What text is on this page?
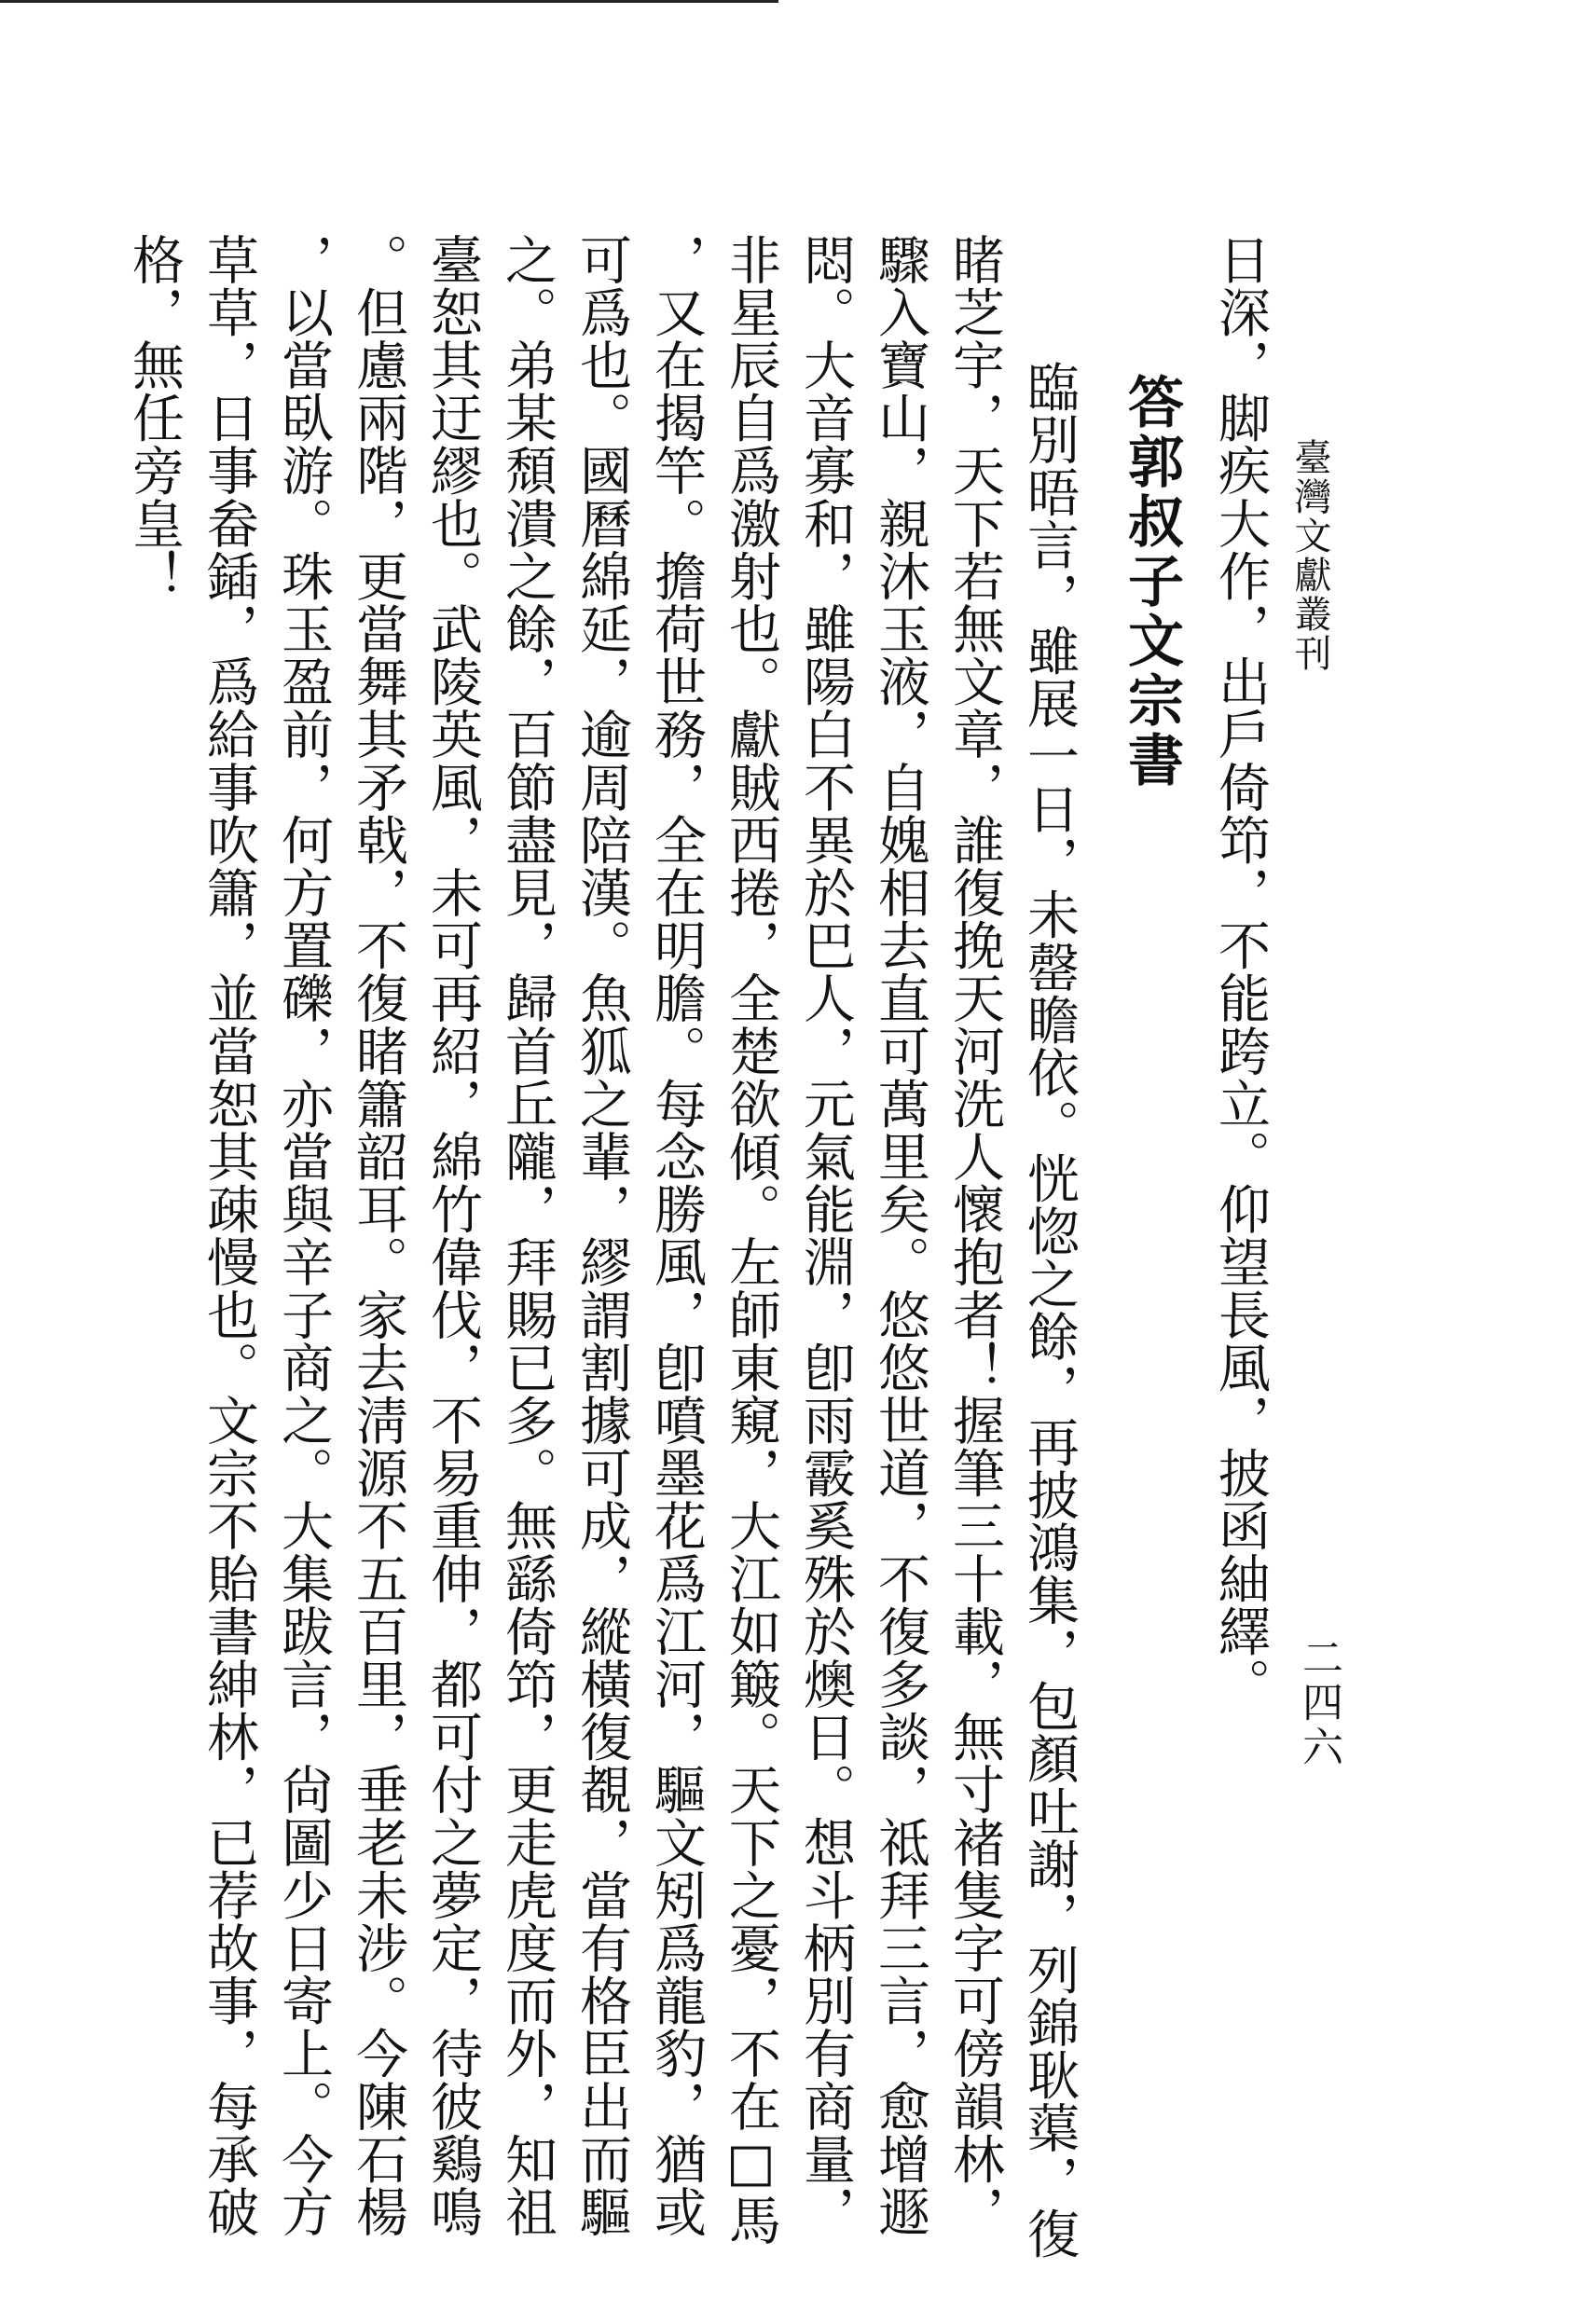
臺灣文獻叢刊
二四六
日深，脚疾大作，出戶倚笻，不能跨立。仰望長風，披函紬繹。
答郭叔子文宗書
　臨別晤言，雖展一日，未罄瞻依。恍惚之餘，再披鴻集，包顏吐謝，列錦耿蕖，復
睹芝宇，天下若無文章，誰復挽天河洗人懷抱者！握筆三十載，無寸褚隻字可傍韻林，
驟入寶山，親沐玉液，自媿相去直可萬里矣。悠悠世道，不復多談，祗拜三言，愈增遯
悶。大音寡和，雖陽白不異於巴人，元氣能淵，卽雨霰奚殊於燠日。想斗柄別有商量，
非星辰自爲激射也。獻賊西捲，全楚欲傾。左師東窺，大江如簸。天下之憂，不在□馬
，又在揭竿。擔荷世務，全在明膽。每念勝風，卽噴墨花爲江河，驅文矧爲龍豹，猶或
可爲也。國曆綿延，逾周陪漢。魚狐之輩，繆謂割據可成，縱橫復覩，當有格臣出而驅
之。弟某頹潰之餘，百節盡見，歸首丘隴，拜賜已多。無繇倚笻，更走虎度而外，知祖
臺恕其迂繆也。武陵英風，未可再紹，綿竹偉伐，不易重伸，都可付之夢定，待彼鷄鳴
。但慮兩階，更當舞其矛戟，不復睹簫韶耳。家去淸源不五百里，垂老未涉。今陳石楊
，以當臥游。珠玉盈前，何方置礫，亦當與辛子商之。大集跋言，尙圖少日寄上。今方
草草，日事畚鍤，爲給事吹簫，並當恕其疎慢也。文宗不貽書紳林，已荐故事，每承破
格，無任旁皇！
